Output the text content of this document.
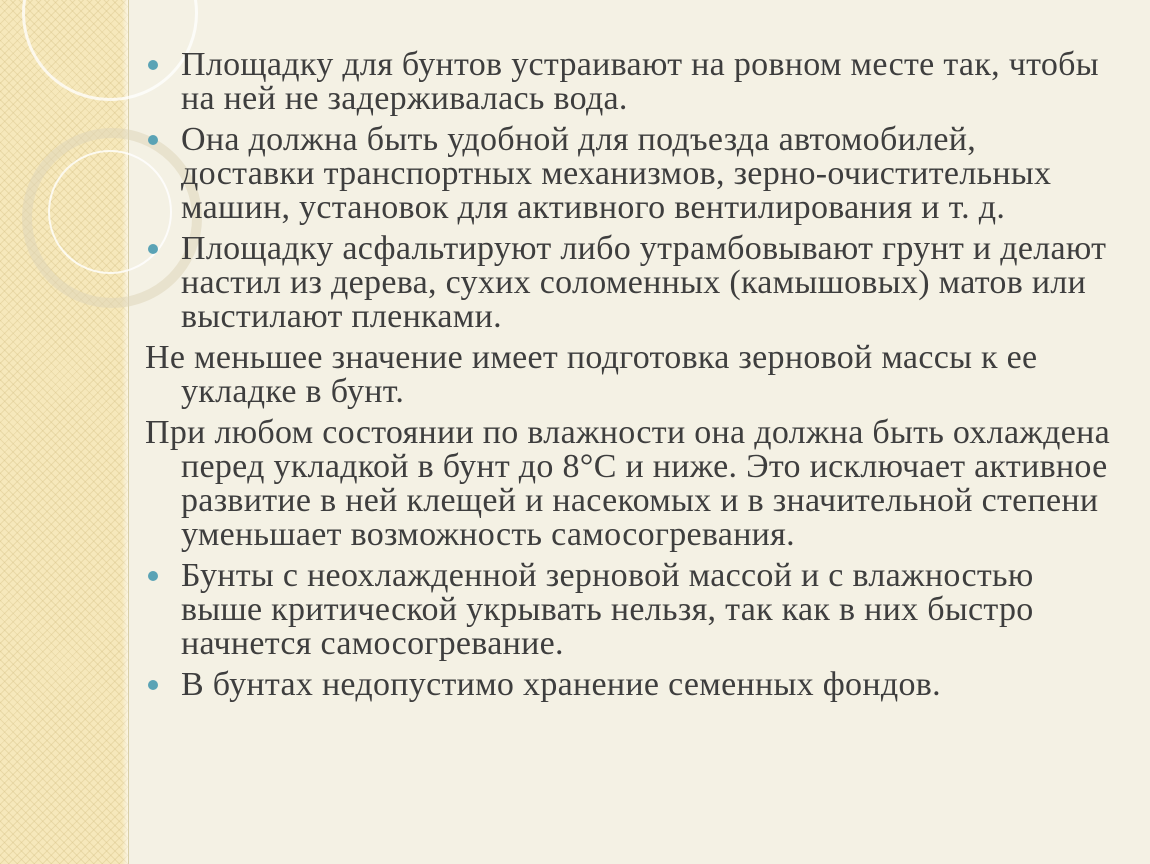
Площадку для бунтов устраивают на ровном месте так, чтобы на ней не задерживалась вода.
Она должна быть удобной для подъезда автомобилей, доставки транспортных механизмов, зерно-очистительных машин, установок для активного вентилирования и т. д.
Площадку асфальтируют либо утрамбовывают грунт и делают настил из дерева, сухих соломенных (камышовых) матов или выстилают пленками.
Не меньшее значение имеет подготовка зерновой массы к ее укладке в бунт.
При любом состоянии по влажности она должна быть охлаждена перед укладкой в бунт до 8°С и ниже. Это исключает активное развитие в ней клещей и насекомых и в значительной степени уменьшает возможность самосогревания.
Бунты с неохлажденной зерновой массой и с влажностью выше критической укрывать нельзя, так как в них быстро начнется самосогревание.
В бунтах недопустимо хранение семенных фондов.
